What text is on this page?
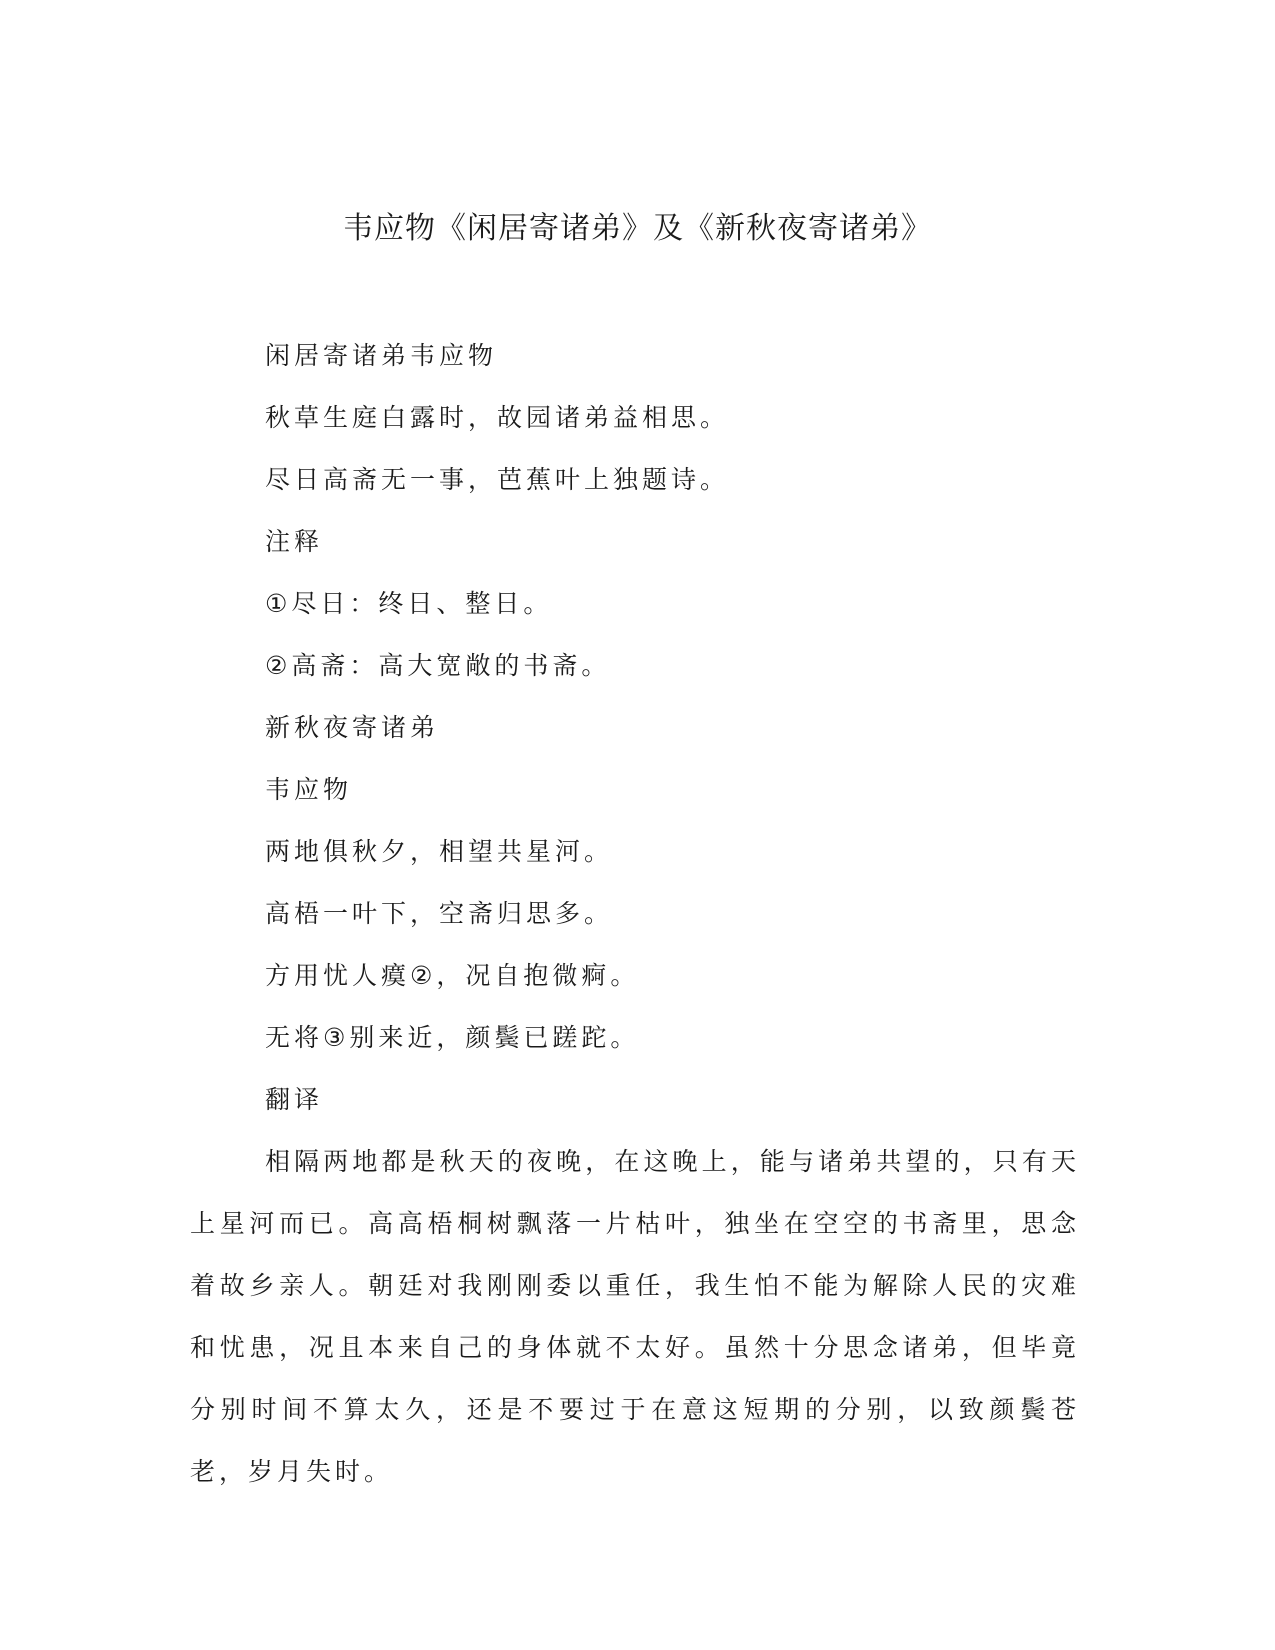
韦应物《闲居寄诸弟》及《新秋夜寄诸弟》

闲居寄诸弟韦应物

秋草生庭白露时，故园诸弟益相思。

尽日高斋无一事，芭蕉叶上独题诗。

注释

①尽日：终日、整日。

②高斋：高大宽敞的书斋。

新秋夜寄诸弟

韦应物

两地俱秋夕，相望共星河。

高梧一叶下，空斋归思多。

方用忧人瘼②，况自抱微痾。

无将③别来近，颜鬓已蹉跎。

翻译

相隔两地都是秋天的夜晚，在这晚上，能与诸弟共望的，只有天上星河而已。高高梧桐树飘落一片枯叶，独坐在空空的书斋里，思念着故乡亲人。朝廷对我刚刚委以重任，我生怕不能为解除人民的灾难和忧患，况且本来自己的身体就不太好。虽然十分思念诸弟，但毕竟分别时间不算太久，还是不要过于在意这短期的分别，以致颜鬓苍老，岁月失时。
